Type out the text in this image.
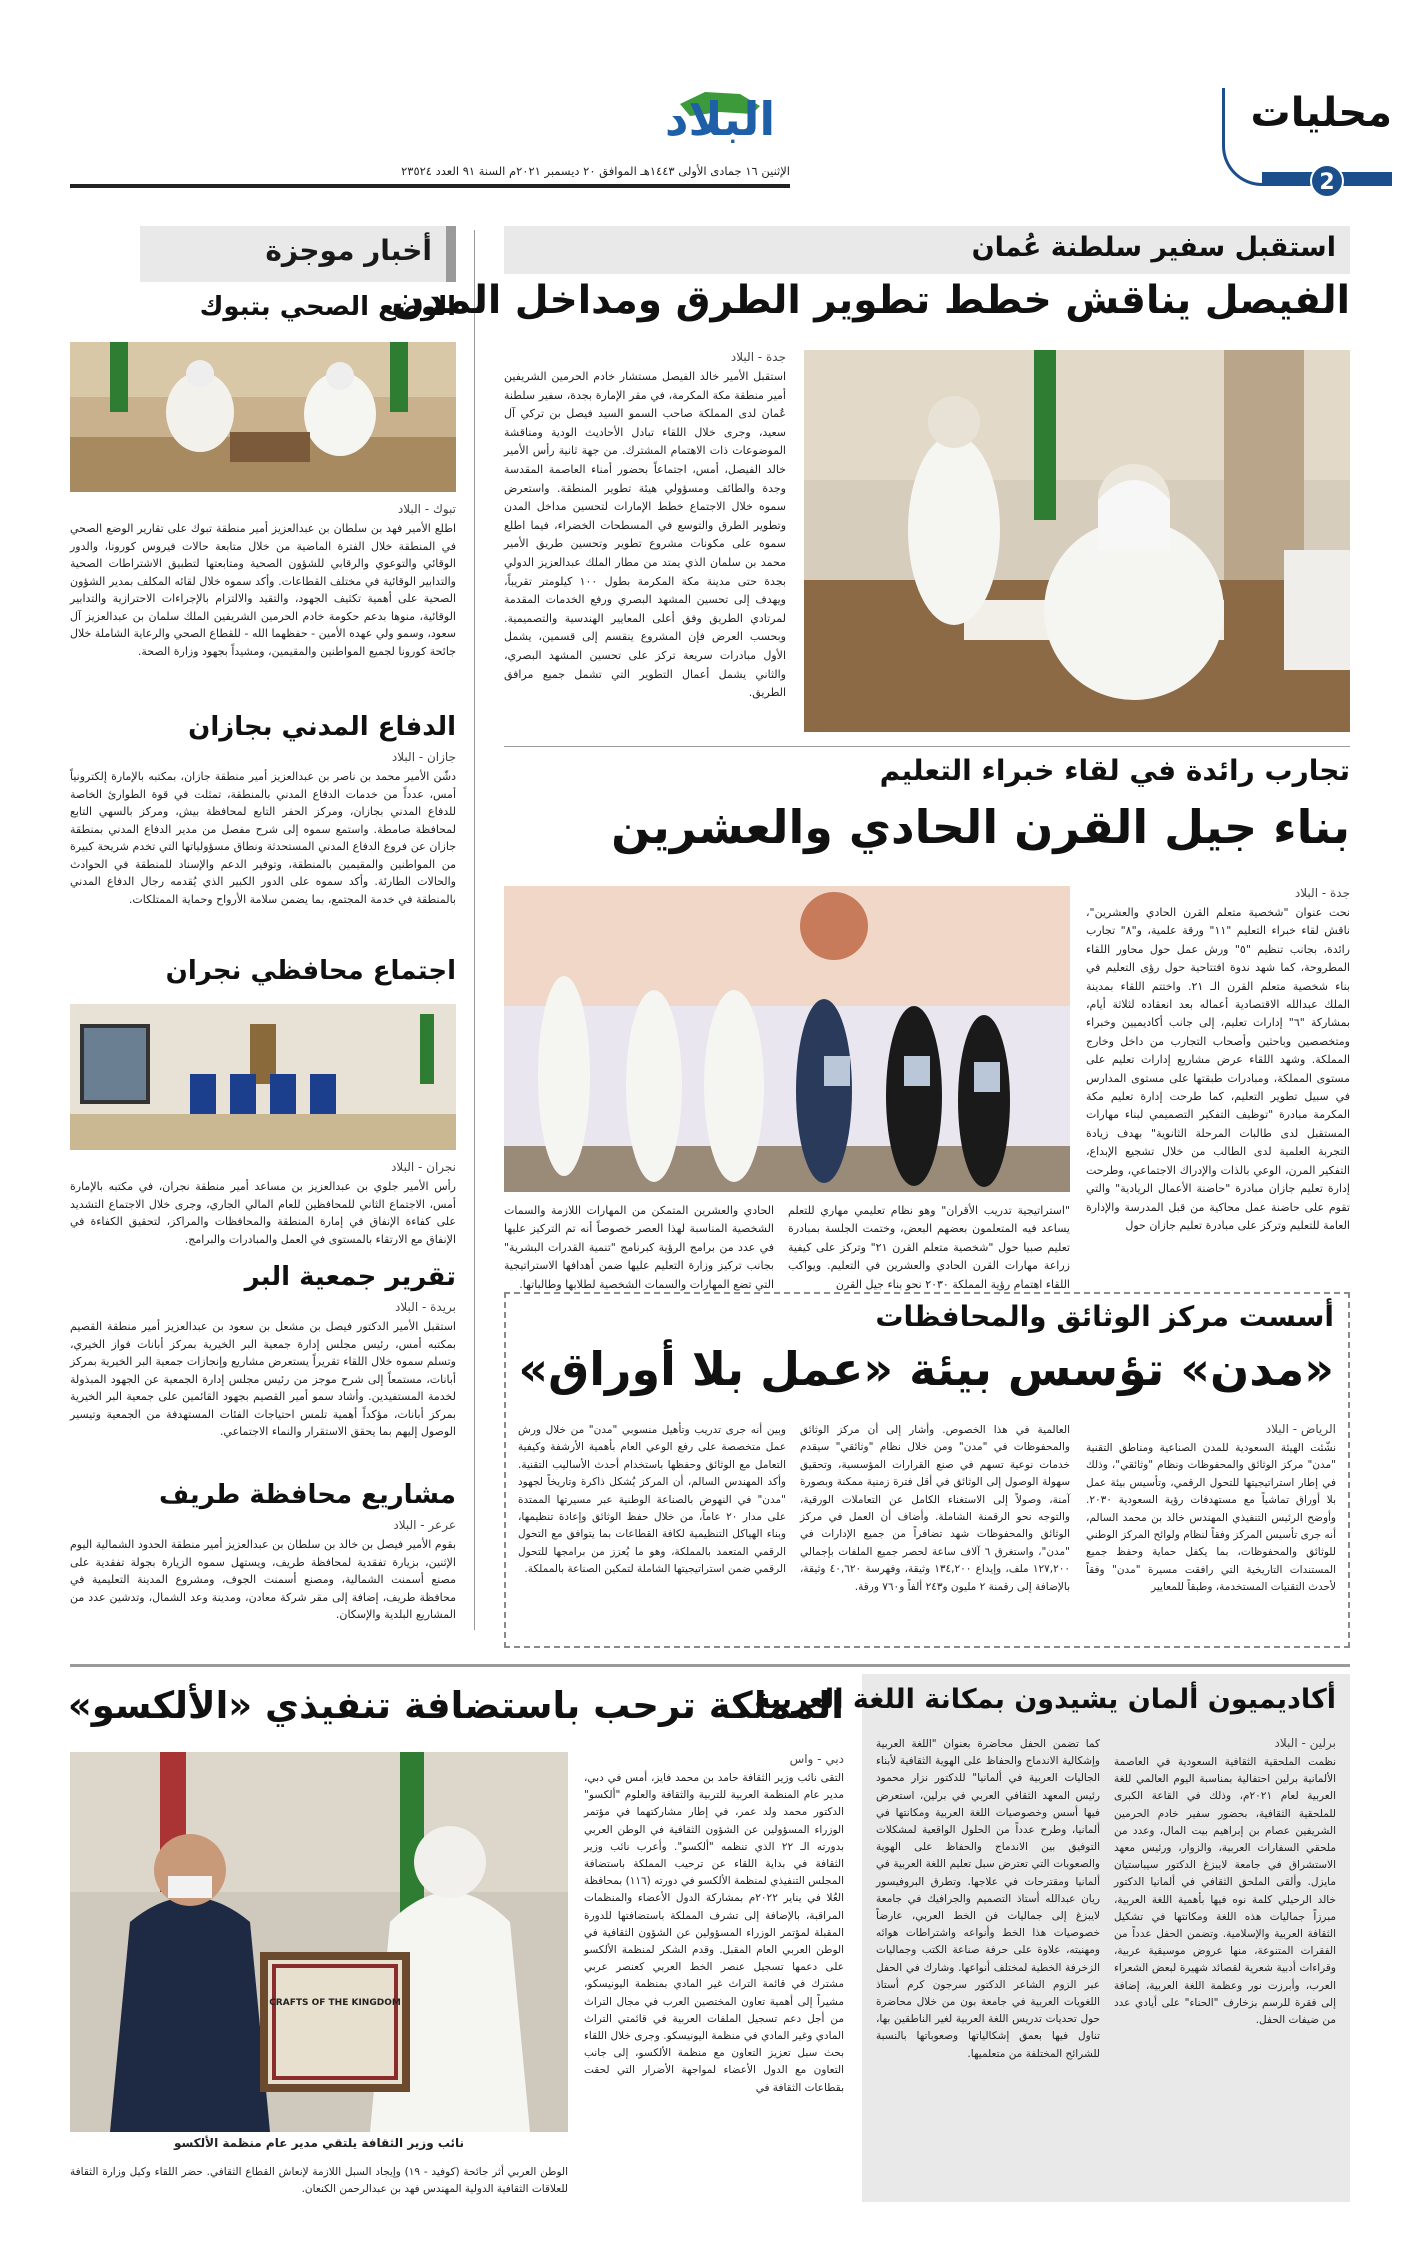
محليات
2
البلاد
الإثنين ١٦ جمادى الأولى ١٤٤٣هـ الموافق ٢٠ ديسمبر ٢٠٢١م السنة ٩١ العدد ٢٣٥٢٤
أخبار موجزة
الوضع الصحي بتبوك
تبوك - البلاد

اطلع الأمير فهد بن سلطان بن عبدالعزيز أمير منطقة تبوك على تقارير الوضع الصحي في المنطقة خلال الفترة الماضية من خلال متابعة حالات فيروس كورونا، والدور الوقائي والتوعوي والرقابي للشؤون الصحية ومتابعتها لتطبيق الاشتراطات الصحية والتدابير الوقائية في مختلف القطاعات. وأكد سموه خلال لقائه المكلف بمدير الشؤون الصحية على أهمية تكثيف الجهود، والتقيد والالتزام بالإجراءات الاحترازية والتدابير الوقائية، منوها بدعم حكومة خادم الحرمين الشريفين الملك سلمان بن عبدالعزيز آل سعود، وسمو ولي عهده الأمين - حفظهما الله - للقطاع الصحي والرعاية الشاملة خلال جائحة كورونا لجميع المواطنين والمقيمين، ومشيداً بجهود وزارة الصحة.

الدفاع المدني بجازان
جازان - البلاد

دشّن الأمير محمد بن ناصر بن عبدالعزيز أمير منطقة جازان، بمكتبه بالإمارة إلكترونياً أمس، عدداً من خدمات الدفاع المدني بالمنطقة، تمثلت في قوة الطوارئ الخاصة للدفاع المدني بجازان، ومركز الحفر التابع لمحافظة بيش، ومركز بالسهي التابع لمحافظة صامطة. واستمع سموه إلى شرح مفصل من مدير الدفاع المدني بمنطقة جازان عن فروع الدفاع المدني المستحدثة ونطاق مسؤولياتها التي تخدم شريحة كبيرة من المواطنين والمقيمين بالمنطقة، وتوفير الدعم والإسناد للمنطقة في الحوادث والحالات الطارئة. وأكد سموه على الدور الكبير الذي يُقدمه رجال الدفاع المدني بالمنطقة في خدمة المجتمع، بما يضمن سلامة الأرواح وحماية الممتلكات.

اجتماع محافظي نجران
نجران - البلاد

رأس الأمير جلوي بن عبدالعزيز بن مساعد أمير منطقة نجران، في مكتبه بالإمارة أمس، الاجتماع الثاني للمحافظين للعام المالي الجاري، وجرى خلال الاجتماع التشديد على كفاءة الإنفاق في إمارة المنطقة والمحافظات والمراكز، لتحقيق الكفاءة في الإنفاق مع الارتقاء بالمستوى في العمل والمبادرات والبرامج.

تقرير جمعية البر
بريدة - البلاد

استقبل الأمير الدكتور فيصل بن مشعل بن سعود بن عبدالعزيز أمير منطقة القصيم بمكتبه أمس، رئيس مجلس إدارة جمعية البر الخيرية بمركز أبانات فواز الخيري، وتسلم سموه خلال اللقاء تقريراً يستعرض مشاريع وإنجازات جمعية البر الخيرية بمركز أبانات، مستمعاً إلى شرح موجز من رئيس مجلس إدارة الجمعية عن الجهود المبذولة لخدمة المستفيدين. وأشاد سمو أمير القصيم بجهود القائمين على جمعية البر الخيرية بمركز أبانات، مؤكداً أهمية تلمس احتياجات الفئات المستهدفة من الجمعية وتيسير الوصول إليهم بما يحقق الاستقرار والنماء الاجتماعي.

مشاريع محافظة طريف
عرعر - البلاد

بقوم الأمير فيصل بن خالد بن سلطان بن عبدالعزيز أمير منطقة الحدود الشمالية اليوم الإثنين، بزيارة تفقدية لمحافظة طريف، ويستهل سموه الزيارة بجولة تفقدية على مصنع أسمنت الشمالية، ومصنع أسمنت الجوف، ومشروع المدينة التعليمية في محافظة طريف، إضافة إلى مقر شركة معادن، ومدينة وعد الشمال، وتدشين عدد من المشاريع البلدية والإسكان.

استقبل سفير سلطنة عُمان
الفيصل يناقش خطط تطوير الطرق ومداخل المدن
جدة - البلاد

استقبل الأمير خالد الفيصل مستشار خادم الحرمين الشريفين أمير منطقة مكة المكرمة، في مقر الإمارة بجدة، سفير سلطنة عُمان لدى المملكة صاحب السمو السيد فيصل بن تركي آل سعيد، وجرى خلال اللقاء تبادل الأحاديث الودية ومناقشة الموضوعات ذات الاهتمام المشترك. من جهة ثانية رأس الأمير خالد الفيصل، أمس، اجتماعاً بحضور أمناء العاصمة المقدسة وجدة والطائف ومسؤولي هيئة تطوير المنطقة. واستعرض سموه خلال الاجتماع خطط الإمارات لتحسين مداخل المدن وتطوير الطرق والتوسع في المسطحات الخضراء، فيما اطلع سموه على مكونات مشروع تطوير وتحسين طريق الأمير محمد بن سلمان الذي يمتد من مطار الملك عبدالعزيز الدولي بجدة حتى مدينة مكة المكرمة بطول ١٠٠ كيلومتر تقريباً، ويهدف إلى تحسين المشهد البصري ورفع الخدمات المقدمة لمرتادي الطريق وفق أعلى المعايير الهندسية والتصميمية. وبحسب العرض فإن المشروع ينقسم إلى قسمين، يشمل الأول مبادرات سريعة تركز على تحسين المشهد البصري، والثاني يشمل أعمال التطوير التي تشمل جميع مرافق الطريق.

تجارب رائدة في لقاء خبراء التعليم
بناء جيل القرن الحادي والعشرين
جدة - البلاد

نحت عنوان "شخصية متعلم القرن الحادي والعشرين"، ناقش لقاء خبراء التعليم "١١" ورقة علمية، و"٨" تجارب رائدة، بجانب تنظيم "٥" ورش عمل حول محاور اللقاء المطروحة، كما شهد ندوة افتتاحية حول رؤى التعليم في بناء شخصية متعلم القرن الـ ٢١. واختتم اللقاء بمدينة الملك عبدالله الاقتصادية أعماله بعد انعقاده لثلاثة أيام، بمشاركة "٦" إدارات تعليم، إلى جانب أكاديميين وخبراء ومتخصصين وباحثين وأصحاب التجارب من داخل وخارج المملكة. وشهد اللقاء عرض مشاريع إدارات تعليم على مستوى المملكة، ومبادرات طبقتها على مستوى المدارس في سبيل تطوير التعليم، كما طرحت إدارة تعليم مكة المكرمة مبادرة "توظيف التفكير التصميمي لبناء مهارات المستقبل لدى طالبات المرحلة الثانوية" بهدف زيادة التجربة العلمية لدى الطالب من خلال تشجيع الإبداع، التفكير المرن، الوعي بالذات والإدراك الاجتماعي، وطرحت إدارة تعليم جازان مبادرة "حاضنة الأعمال الريادية" والتي تقوم على حاضنة عمل محاكية من قبل المدرسة والإدارة العامة للتعليم وتركز على مبادرة تعليم جازان حول

"استراتيجية تدريب الأقران" وهو نظام تعليمي مهاري للتعلم يساعد فيه المتعلمون بعضهم البعض، وختمت الجلسة بمبادرة تعليم صبيا حول "شخصية متعلم القرن ٢١" وتركز على كيفية زراعة مهارات القرن الحادي والعشرين في التعليم. ويواكب اللقاء اهتمام رؤية المملكة ٢٠٣٠ نحو بناء جيل القرن

الحادي والعشرين المتمكن من المهارات اللازمة والسمات الشخصية المناسبة لهذا العصر خصوصاً أنه تم التركيز عليها في عدد من برامج الرؤية كبرنامج "تنمية القدرات البشرية" بجانب تركيز وزارة التعليم عليها ضمن أهدافها الاستراتيجية التي تضع المهارات والسمات الشخصية لطلابها وطالباتها.

أسست مركز الوثائق والمحافظات
«مدن» تؤسس بيئة «عمل بلا أوراق»
الرياض - البلاد

نشّئت الهيئة السعودية للمدن الصناعية ومناطق التقنية "مدن" مركز الوثائق والمحفوظات ونظام "وثائقي"، وذلك في إطار استراتيجيتها للتحول الرقمي، وتأسيس بيئة عمل بلا أوراق تماشياً مع مستهدفات رؤية السعودية ٢٠٣٠. وأوضح الرئيس التنفيذي المهندس خالد بن محمد السالم، أنه جرى تأسيس المركز وفقاً لنظام ولوائح المركز الوطني للوثائق والمحفوظات، بما يكفل حماية وحفظ جميع المستندات التاريخية التي رافقت مسيرة "مدن" وفقاً لأحدث التقنيات المستخدمة، وطبقاً للمعايير

العالمية في هذا الخصوص. وأشار إلى أن مركز الوثائق والمحفوظات في "مدن" ومن خلال نظام "وثائقي" سيقدم خدمات نوعية تسهم في صنع القرارات المؤسسية، وتحقيق سهولة الوصول إلى الوثائق في أقل فترة زمنية ممكنة وبصورة آمنة، وصولاً إلى الاستغناء الكامل عن التعاملات الورقية، والتوجه نحو الرقمنة الشاملة. وأضاف أن العمل في مركز الوثائق والمحفوظات شهد تضافراً من جميع الإدارات في "مدن"، واستغرق ٦ آلاف ساعة لحصر جميع الملفات بإجمالي ١٢٧,٢٠٠ ملف، وإيداع ١٣٤,٢٠٠ وثيقة، وفهرسة ٤٠,٦٢٠ وثيقة، بالإضافة إلى رقمنة ٢ مليون و٢٤٣ ألفاً و٧٦٠ ورقة.

وبين أنه جرى تدريب وتأهيل منسوبي "مدن" من خلال ورش عمل متخصصة على رفع الوعي العام بأهمية الأرشفة وكيفية التعامل مع الوثائق وحفظها باستخدام أحدث الأساليب التقنية. وأكد المهندس السالم، أن المركز يُشكل ذاكرة وتاريخاً لجهود "مدن" في النهوض بالصناعة الوطنية عبر مسيرتها الممتدة على مدار ٢٠ عاماً، من خلال حفظ الوثائق وإعادة تنظيمها، وبناء الهياكل التنظيمية لكافة القطاعات بما يتوافق مع التحول الرقمي المتعمد بالمملكة، وهو ما يُعزز من برامجها للتحول الرقمي ضمن استراتيجيتها الشاملة لتمكين الصناعة بالمملكة.

أكاديميون ألمان يشيدون بمكانة اللغة العربية
برلين - البلاد

نظمت الملحقية الثقافية السعودية في العاصمة الألمانية برلين احتفالية بمناسبة اليوم العالمي للغة العربية لعام ٢٠٢١م، وذلك في القاعة الكبرى للملحقية الثقافية، بحضور سفير خادم الحرمين الشريفين عصام بن إبراهيم بيت المال، وعدد من ملحقي السفارات العربية، والزوار، ورئيس معهد الاستشراق في جامعة لايبزغ الدكتور سيباستيان مايزل. وألقى الملحق الثقافي في ألمانيا الدكتور خالد الرحيلي كلمة نوه فيها بأهمية اللغة العربية، مبرزاً جماليات هذه اللغة ومكانتها في تشكيل الثقافة العربية والإسلامية. وتضمن الحفل عدداً من الفقرات المتنوعة، منها عروض موسيقية عربية، وقراءات أدبية شعرية لقصائد شهيرة لبعض الشعراء العرب، وأبرزت نور وعظمة اللغة العربية، إضافة إلى فقرة للرسم بزخارف "الحناء" على أيادي عدد من ضيفات الحفل.

كما تضمن الحفل محاضرة بعنوان "اللغة العربية وإشكالية الاندماج والحفاظ على الهوية الثقافية لأبناء الجاليات العربية في ألمانيا" للدكتور نزار محمود رئيس المعهد الثقافي العربي في برلين، استعرض فيها أسس وخصوصيات اللغة العربية ومكانتها في ألمانيا، وطرح عدداً من الحلول الواقعية لمشكلات التوفيق بين الاندماج والحفاظ على الهوية والصعوبات التي تعترض سبل تعليم اللغة العربية في ألمانيا ومقترحات في علاجها. وتطرق البروفيسور ريان عبدالله أستاذ التصميم والجرافيك في جامعة لايبزغ إلى جماليات فن الخط العربي، عارضاً خصوصيات هذا الخط وأنواعه واشتراطات هوائه ومهنيته، علاوة على حرفة صناعة الكتب وجماليات الزخرفة الخطية لمختلف أنواعها. وشارك في الحفل عبر الزوم الشاعر الدكتور سرجون كرم أستاذ اللغويات العربية في جامعة بون من خلال محاضرة حول تحديات تدريس اللغة العربية لغير الناطقين بها، تناول فيها بعمق إشكالياتها وصعوباتها بالنسبة للشرائح المختلفة من متعلميها.

المملكة ترحب باستضافة تنفيذي «الألكسو»
CRAFTS OF THE KINGDOM
نائب وزير الثقافة يلتقي مدير عام منظمة الألكسو
دبي - واس

التقى نائب وزير الثقافة حامد بن محمد فايز، أمس في دبي، مدير عام المنظمة العربية للتربية والثقافة والعلوم "ألكسو" الدكتور محمد ولد عمر، في إطار مشاركتهما في مؤتمر الوزراء المسؤولين عن الشؤون الثقافية في الوطن العربي بدورته الـ ٢٢ الذي تنظمه "ألكسو". وأعرب نائب وزير الثقافة في بداية اللقاء عن ترحيب المملكة باستضافة المجلس التنفيذي لمنظمة الألكسو في دورته (١١٦) بمحافظة العُلا في يناير ٢٠٢٢م بمشاركة الدول الأعضاء والمنظمات المراقبة، بالإضافة إلى تشرف المملكة باستضافتها للدورة المقبلة لمؤتمر الوزراء المسؤولين عن الشؤون الثقافية في الوطن العربي العام المقبل. وقدم الشكر لمنظمة الألكسو على دعمها تسجيل عنصر الخط العربي كعنصر عربي مشترك في قائمة التراث غير المادي بمنظمة اليونيسكو، مشيراً إلى أهمية تعاون المختصين العرب في مجال التراث من أجل دعم تسجيل الملفات العربية في قائمتي التراث المادي وغير المادي في منظمة اليونيسكو. وجرى خلال اللقاء بحث سبل تعزيز التعاون مع منظمة الألكسو، إلى جانب التعاون مع الدول الأعضاء لمواجهة الأضرار التي لحقت بقطاعات الثقافة في

الوطن العربي أثر جائحة (كوفيد - ١٩) وإيجاد السبل اللازمة لإنعاش القطاع الثقافي. حضر اللقاء وكيل وزارة الثقافة للعلاقات الثقافية الدولية المهندس فهد بن عبدالرحمن الكنعان.
